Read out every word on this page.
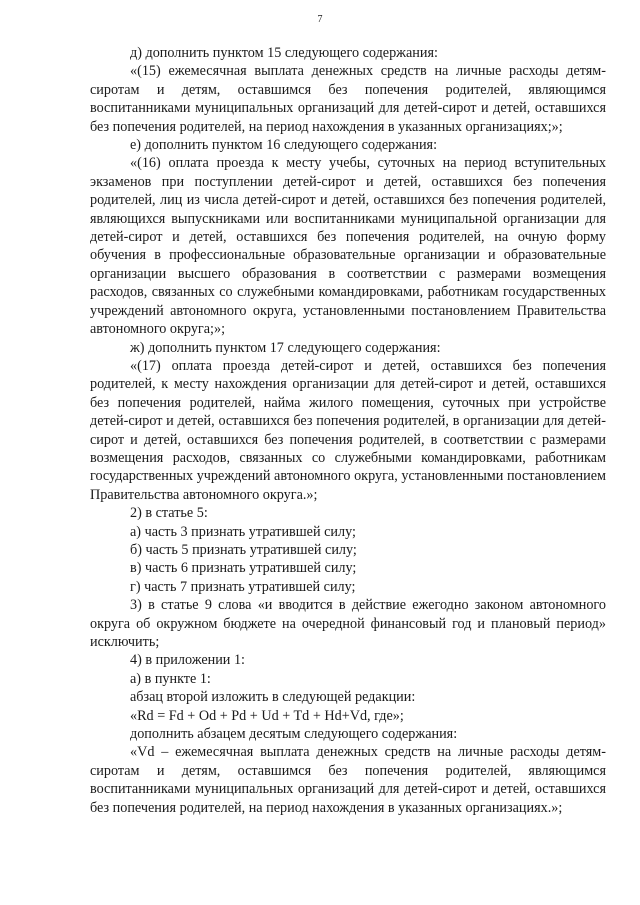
7

д) дополнить пунктом 15 следующего содержания:

«(15) ежемесячная выплата денежных средств на личные расходы детям-сиротам и детям, оставшимся без попечения родителей, являющимся воспитанниками муниципальных организаций для детей-сирот и детей, оставшихся без попечения родителей, на период нахождения в указанных организациях;»;

е) дополнить пунктом 16 следующего содержания:

«(16) оплата проезда к месту учебы, суточных на период вступительных экзаменов при поступлении детей-сирот и детей, оставшихся без попечения родителей, лиц из числа детей-сирот и детей, оставшихся без попечения родителей, являющихся выпускниками или воспитанниками муниципальной организации для детей-сирот и детей, оставшихся без попечения родителей, на очную форму обучения в профессиональные образовательные организации и образовательные организации высшего образования в соответствии с размерами возмещения расходов, связанных со служебными командировками, работникам государственных учреждений автономного округа, установленными постановлением Правительства автономного округа;»;

ж) дополнить пунктом 17 следующего содержания:

«(17) оплата проезда детей-сирот и детей, оставшихся без попечения родителей, к месту нахождения организации для детей-сирот и детей, оставшихся без попечения родителей, найма жилого помещения, суточных при устройстве детей-сирот и детей, оставшихся без попечения родителей, в организации для детей-сирот и детей, оставшихся без попечения родителей, в соответствии с размерами возмещения расходов, связанных со служебными командировками, работникам государственных учреждений автономного округа, установленными постановлением Правительства автономного округа.»;

2) в статье 5:

а) часть 3 признать утратившей силу;

б) часть 5 признать утратившей силу;

в) часть 6 признать утратившей силу;

г) часть 7 признать утратившей силу;

3) в статье 9 слова «и вводится в действие ежегодно законом автономного округа об окружном бюджете на очередной финансовый год и плановый период» исключить;

4) в приложении 1:

а) в пункте 1:

абзац второй изложить в следующей редакции:

«Rd = Fd + Od + Pd + Ud + Td + Hd+Vd, где»;

дополнить абзацем десятым следующего содержания:

«Vd – ежемесячная выплата денежных средств на личные расходы детям-сиротам и детям, оставшимся без попечения родителей, являющимся воспитанниками муниципальных организаций для детей-сирот и детей, оставшихся без попечения родителей, на период нахождения в указанных организациях.»;
